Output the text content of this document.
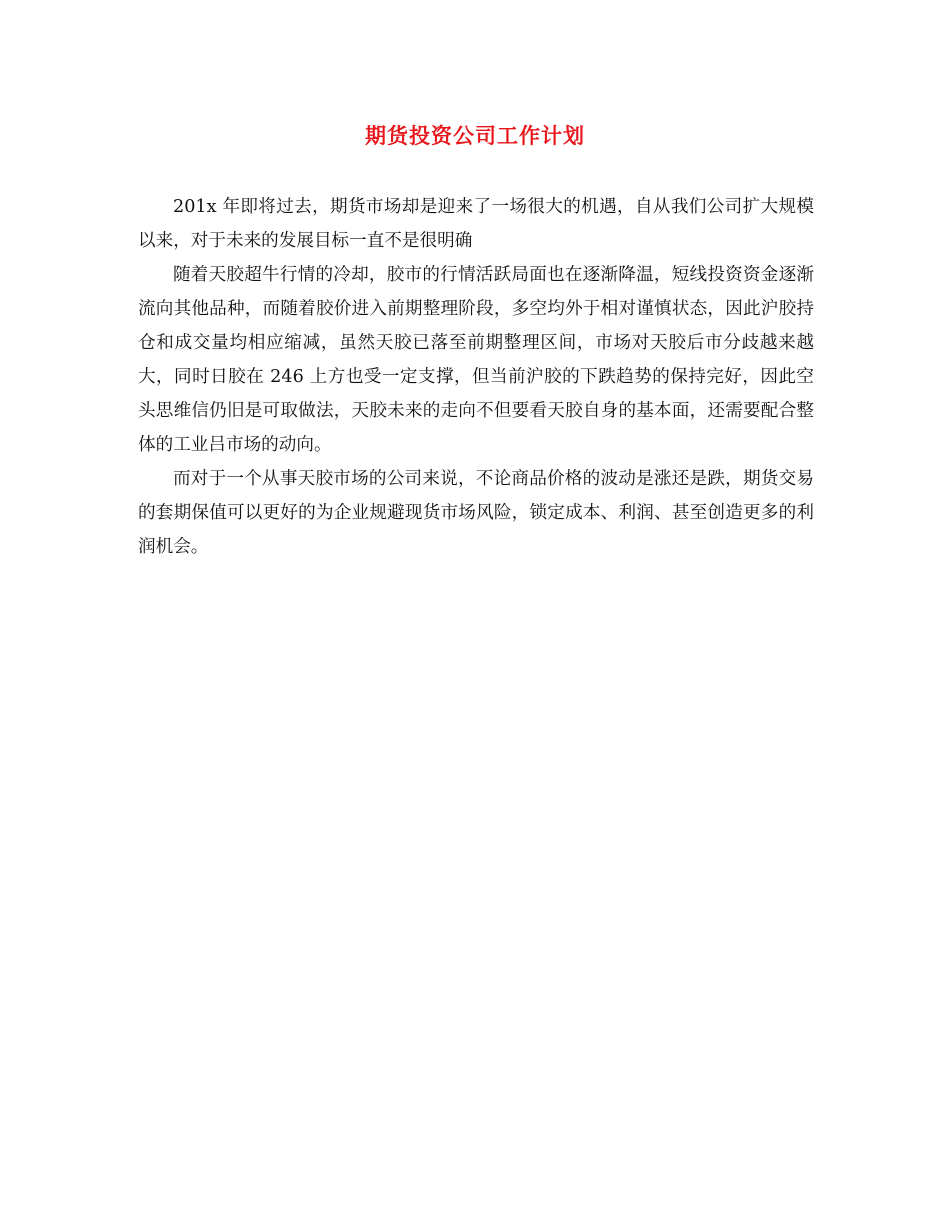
期货投资公司工作计划

201x 年即将过去，期货市场却是迎来了一场很大的机遇，自从我们公司扩大规模以来，对于未来的发展目标一直不是很明确

随着天胶超牛行情的冷却，胶市的行情活跃局面也在逐渐降温，短线投资资金逐渐流向其他品种，而随着胶价进入前期整理阶段，多空均外于相对谨慎状态，因此沪胶持仓和成交量均相应缩减，虽然天胶已落至前期整理区间，市场对天胶后市分歧越来越大，同时日胶在 246 上方也受一定支撑，但当前沪胶的下跌趋势的保持完好，因此空头思维信仍旧是可取做法，天胶未来的走向不但要看天胶自身的基本面，还需要配合整体的工业吕市场的动向。

而对于一个从事天胶市场的公司来说，不论商品价格的波动是涨还是跌，期货交易的套期保值可以更好的为企业规避现货市场风险，锁定成本、利润、甚至创造更多的利润机会。
